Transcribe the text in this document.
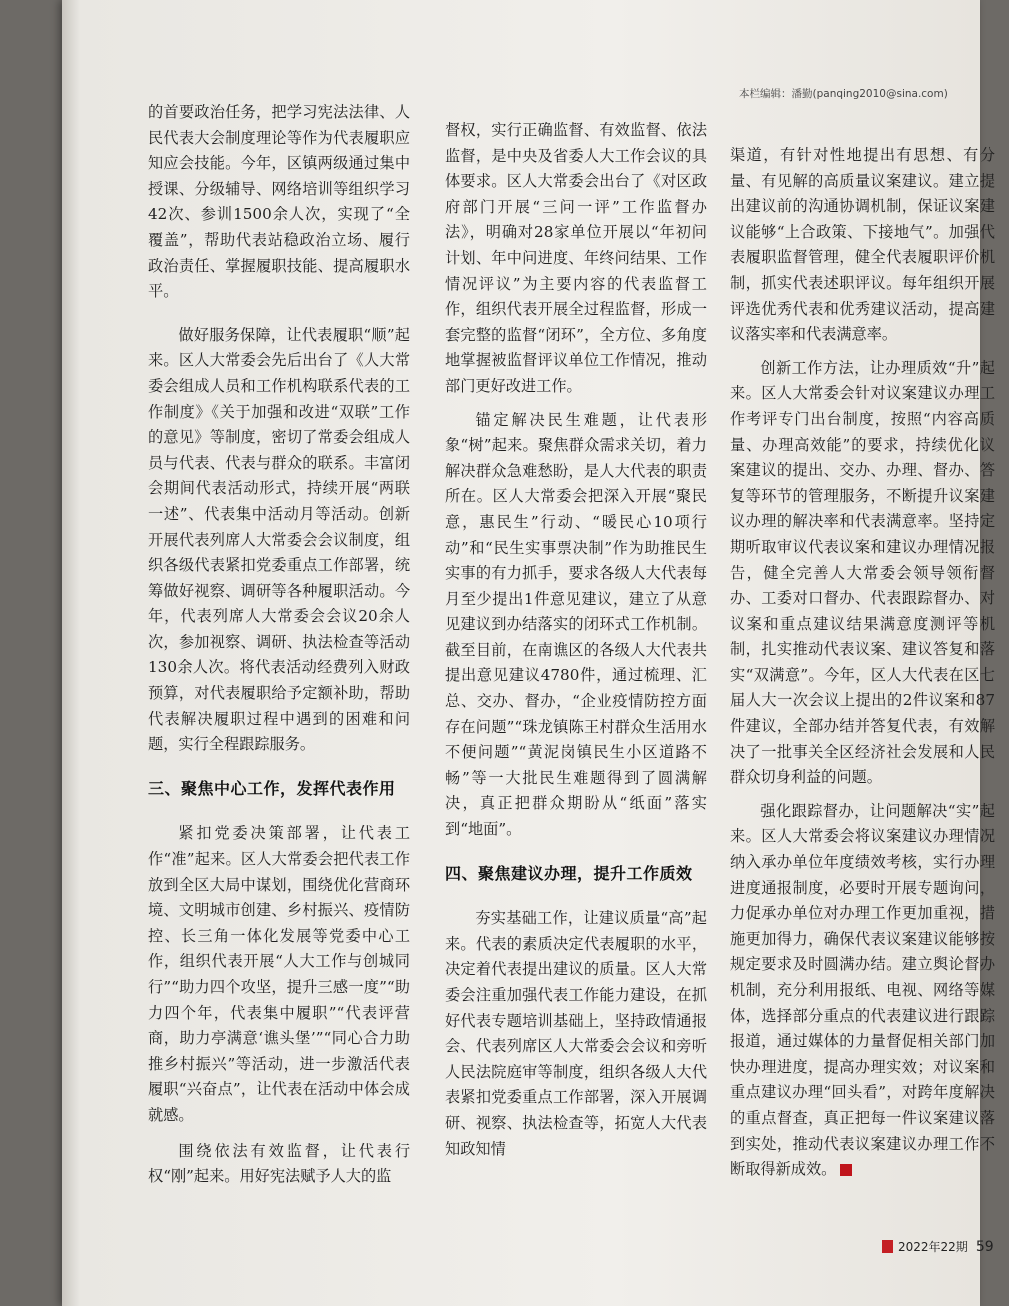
本栏编辑：潘勤(panqing2010@sina.com)

的首要政治任务，把学习宪法法律、人民代表大会制度理论等作为代表履职应知应会技能。今年，区镇两级通过集中授课、分级辅导、网络培训等组织学习42次、参训1500余人次，实现了“全覆盖”，帮助代表站稳政治立场、履行政治责任、掌握履职技能、提高履职水平。

做好服务保障，让代表履职“顺”起来。区人大常委会先后出台了《人大常委会组成人员和工作机构联系代表的工作制度》《关于加强和改进“双联”工作的意见》等制度，密切了常委会组成人员与代表、代表与群众的联系。丰富闭会期间代表活动形式，持续开展“两联一述”、代表集中活动月等活动。创新开展代表列席人大常委会会议制度，组织各级代表紧扣党委重点工作部署，统筹做好视察、调研等各种履职活动。今年，代表列席人大常委会会议20余人次，参加视察、调研、执法检查等活动130余人次。将代表活动经费列入财政预算，对代表履职给予定额补助，帮助代表解决履职过程中遇到的困难和问题，实行全程跟踪服务。

三、聚焦中心工作，发挥代表作用

紧扣党委决策部署，让代表工作“准”起来。区人大常委会把代表工作放到全区大局中谋划，围绕优化营商环境、文明城市创建、乡村振兴、疫情防控、长三角一体化发展等党委中心工作，组织代表开展“人大工作与创城同行”“助力四个攻坚，提升三感一度”“助力四个年，代表集中履职”“代表评营商，助力亭满意‘谯头堡’”“同心合力助推乡村振兴”等活动，进一步激活代表履职“兴奋点”，让代表在活动中体会成就感。

围绕依法有效监督，让代表行权“刚”起来。用好宪法赋予人大的监

督权，实行正确监督、有效监督、依法监督，是中央及省委人大工作会议的具体要求。区人大常委会出台了《对区政府部门开展“三问一评”工作监督办法》，明确对28家单位开展以“年初问计划、年中问进度、年终问结果、工作情况评议”为主要内容的代表监督工作，组织代表开展全过程监督，形成一套完整的监督“闭环”，全方位、多角度地掌握被监督评议单位工作情况，推动部门更好改进工作。

锚定解决民生难题，让代表形象“树”起来。聚焦群众需求关切，着力解决群众急难愁盼，是人大代表的职责所在。区人大常委会把深入开展“聚民意，惠民生”行动、“暖民心10项行动”和“民生实事票决制”作为助推民生实事的有力抓手，要求各级人大代表每月至少提出1件意见建议，建立了从意见建议到办结落实的闭环式工作机制。截至目前，在南谯区的各级人大代表共提出意见建议4780件，通过梳理、汇总、交办、督办，“企业疫情防控方面存在问题”“珠龙镇陈王村群众生活用水不便问题”“黄泥岗镇民生小区道路不畅”等一大批民生难题得到了圆满解决，真正把群众期盼从“纸面”落实到“地面”。

四、聚焦建议办理，提升工作质效

夯实基础工作，让建议质量“高”起来。代表的素质决定代表履职的水平，决定着代表提出建议的质量。区人大常委会注重加强代表工作能力建设，在抓好代表专题培训基础上，坚持政情通报会、代表列席区人大常委会会议和旁听人民法院庭审等制度，组织各级人大代表紧扣党委重点工作部署，深入开展调研、视察、执法检查等，拓宽人大代表知政知情

渠道，有针对性地提出有思想、有分量、有见解的高质量议案建议。建立提出建议前的沟通协调机制，保证议案建议能够“上合政策、下接地气”。加强代表履职监督管理，健全代表履职评价机制，抓实代表述职评议。每年组织开展评选优秀代表和优秀建议活动，提高建议落实率和代表满意率。

创新工作方法，让办理质效“升”起来。区人大常委会针对议案建议办理工作考评专门出台制度，按照“内容高质量、办理高效能”的要求，持续优化议案建议的提出、交办、办理、督办、答复等环节的管理服务，不断提升议案建议办理的解决率和代表满意率。坚持定期听取审议代表议案和建议办理情况报告，健全完善人大常委会领导领衔督办、工委对口督办、代表跟踪督办、对议案和重点建议结果满意度测评等机制，扎实推动代表议案、建议答复和落实“双满意”。今年，区人大代表在区七届人大一次会议上提出的2件议案和87件建议，全部办结并答复代表，有效解决了一批事关全区经济社会发展和人民群众切身利益的问题。

强化跟踪督办，让问题解决“实”起来。区人大常委会将议案建议办理情况纳入承办单位年度绩效考核，实行办理进度通报制度，必要时开展专题询问，力促承办单位对办理工作更加重视，措施更加得力，确保代表议案建议能够按规定要求及时圆满办结。建立舆论督办机制，充分利用报纸、电视、网络等媒体，选择部分重点的代表建议进行跟踪报道，通过媒体的力量督促相关部门加快办理进度，提高办理实效；对议案和重点建议办理“回头看”，对跨年度解决的重点督查，真正把每一件议案建议落到实处，推动代表议案建议办理工作不断取得新成效。

2022年22期 59
